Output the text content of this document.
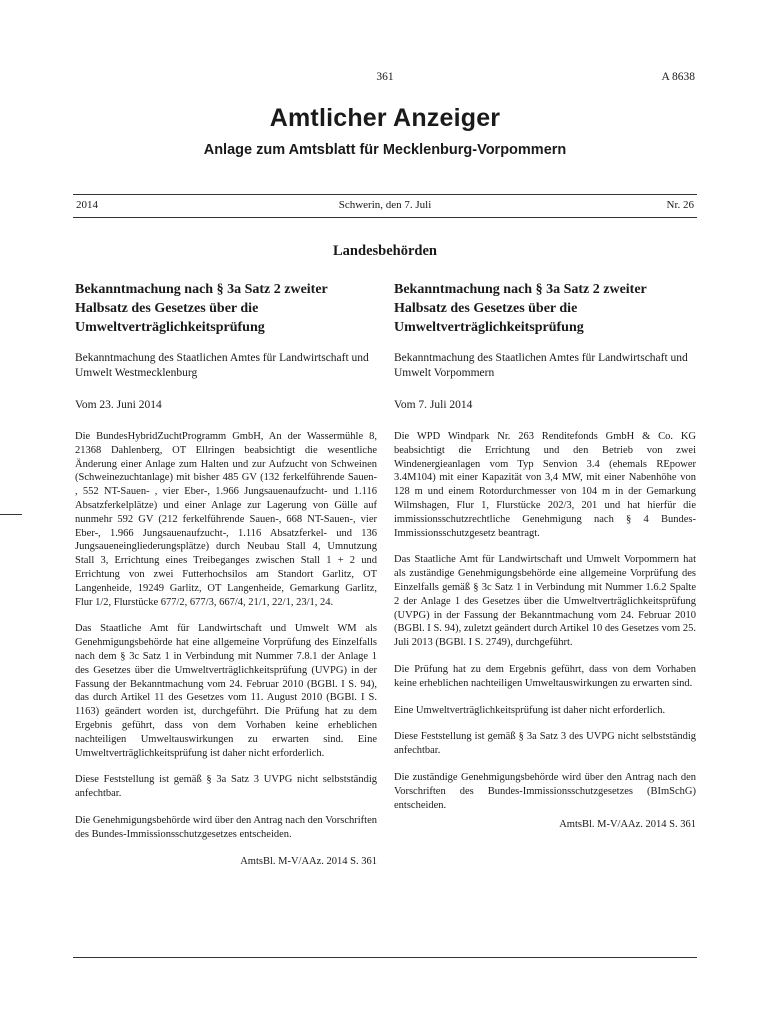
361	A 8638
Amtlicher Anzeiger
Anlage zum Amtsblatt für Mecklenburg-Vorpommern
Schwerin, den 7. Juli
2014	Nr. 26
Landesbehörden

Bekanntmachung nach § 3a Satz 2 zweiter Halbsatz des Gesetzes über die Umweltverträglichkeitsprüfung

Bekanntmachung des Staatlichen Amtes für Landwirtschaft und Umwelt Westmecklenburg

Vom 23. Juni 2014

Die BundesHybridZuchtProgramm GmbH, An der Wassermühle 8, 21368 Dahlenberg, OT Ellringen beabsichtigt die wesentliche Änderung einer Anlage zum Halten und zur Aufzucht von Schweinen (Schweinezuchtanlage) mit bisher 485 GV (132 ferkelführende Sauen- , 552 NT-Sauen- , vier Eber-, 1.966 Jungsauenaufzucht- und 1.116 Absatzferkelplätze) und einer Anlage zur Lagerung von Gülle auf nunmehr 592 GV (212 ferkelführende Sauen-, 668 NT-Sauen-, vier Eber-, 1.966 Jungsauenaufzucht-, 1.116 Absatzferkel- und 136 Jungsaueneingliederungsplätze) durch Neubau Stall 4, Umnutzung Stall 3, Errichtung eines Treibeganges zwischen Stall 1 + 2 und Errichtung von zwei Futterhochsilos am Standort Garlitz, OT Langenheide, 19249 Garlitz, OT Langenheide, Gemarkung Garlitz, Flur 1/2, Flurstücke 677/2, 677/3, 667/4, 21/1, 22/1, 23/1, 24.

Das Staatliche Amt für Landwirtschaft und Umwelt WM als Genehmigungsbehörde hat eine allgemeine Vorprüfung des Einzelfalls nach dem § 3c Satz 1 in Verbindung mit Nummer 7.8.1 der Anlage 1 des Gesetzes über die Umweltverträglichkeitsprüfung (UVPG) in der Fassung der Bekanntmachung vom 24. Februar 2010 (BGBl. I S. 94), das durch Artikel 11 des Gesetzes vom 11. August 2010 (BGBl. I S. 1163) geändert worden ist, durchgeführt. Die Prüfung hat zu dem Ergebnis geführt, dass von dem Vorhaben keine erheblichen nachteiligen Umweltauswirkungen zu erwarten sind. Eine Umweltverträglichkeitsprüfung ist daher nicht erforderlich.

Diese Feststellung ist gemäß § 3a Satz 3 UVPG nicht selbstständig anfechtbar.

Die Genehmigungsbehörde wird über den Antrag nach den Vorschriften des Bundes-Immissionsschutzgesetzes entscheiden.

AmtsBl. M-V/AAz. 2014 S. 361

Bekanntmachung nach § 3a Satz 2 zweiter Halbsatz des Gesetzes über die Umweltverträglichkeitsprüfung

Bekanntmachung des Staatlichen Amtes für Landwirtschaft und Umwelt Vorpommern

Vom 7. Juli 2014

Die WPD Windpark Nr. 263 Renditefonds GmbH & Co. KG beabsichtigt die Errichtung und den Betrieb von zwei Windenergieanlagen vom Typ Senvion 3.4 (ehemals REpower 3.4M104) mit einer Kapazität von 3,4 MW, mit einer Nabenhöhe von 128 m und einem Rotordurchmesser von 104 m in der Gemarkung Wilmshagen, Flur 1, Flurstücke 202/3, 201 und hat hierfür die immissionsschutzrechtliche Genehmigung nach § 4 Bundes-Immissionsschutzgesetz beantragt.

Das Staatliche Amt für Landwirtschaft und Umwelt Vorpommern hat als zuständige Genehmigungsbehörde eine allgemeine Vorprüfung des Einzelfalls gemäß § 3c Satz 1 in Verbindung mit Nummer 1.6.2 Spalte 2 der Anlage 1 des Gesetzes über die Umweltverträglichkeitsprüfung (UVPG) in der Fassung der Bekanntmachung vom 24. Februar 2010 (BGBl. I S. 94), zuletzt geändert durch Artikel 10 des Gesetzes vom 25. Juli 2013 (BGBl. I S. 2749), durchgeführt.

Die Prüfung hat zu dem Ergebnis geführt, dass von dem Vorhaben keine erheblichen nachteiligen Umweltauswirkungen zu erwarten sind.

Eine Umweltverträglichkeitsprüfung ist daher nicht erforderlich.

Diese Feststellung ist gemäß § 3a Satz 3 des UVPG nicht selbstständig anfechtbar.

Die zuständige Genehmigungsbehörde wird über den Antrag nach den Vorschriften des Bundes-Immissionsschutzgesetzes (BImSchG) entscheiden.

AmtsBl. M-V/AAz. 2014 S. 361
